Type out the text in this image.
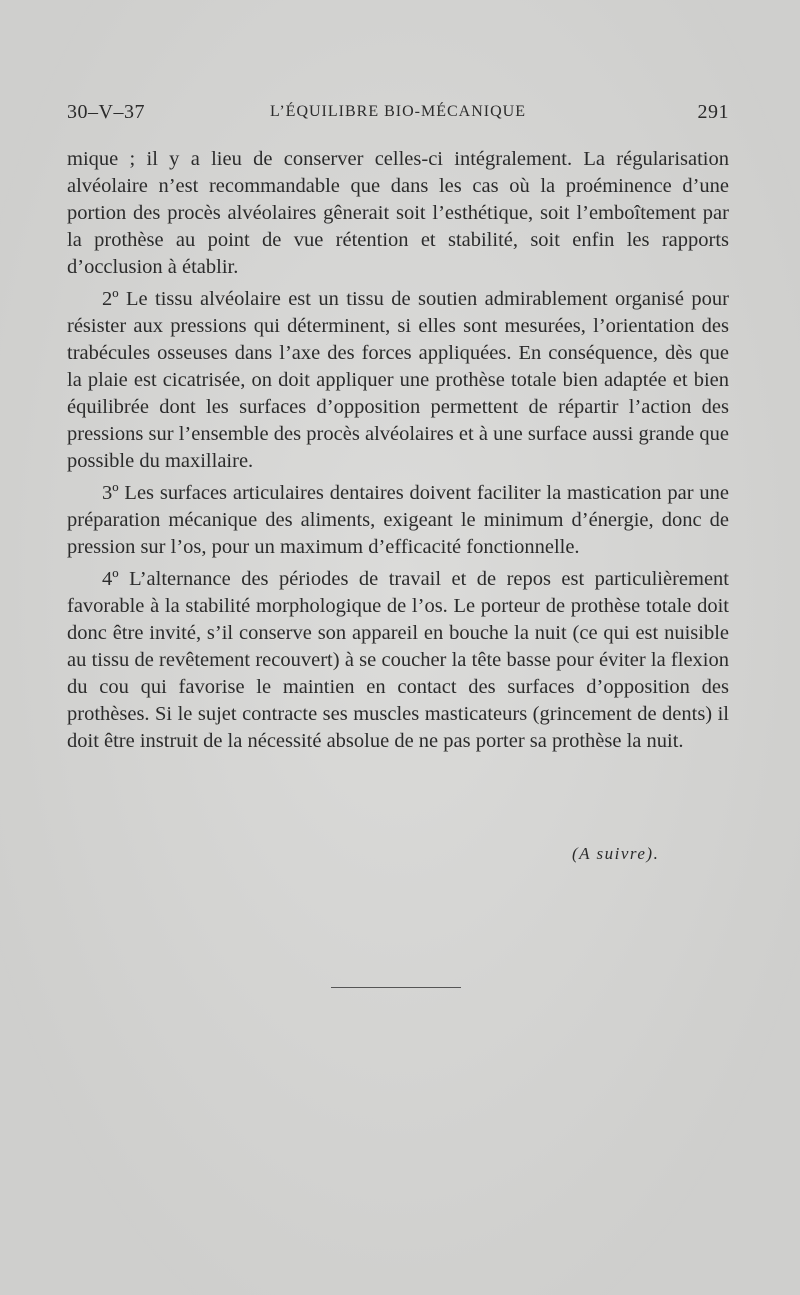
30–V–37	L’ÉQUILIBRE BIO-MÉCANIQUE	291

mique ; il y a lieu de conserver celles-ci intégralement. La régularisation alvéolaire n’est recommandable que dans les cas où la proéminence d’une portion des procès alvéolaires gênerait soit l’esthétique, soit l’emboîtement par la prothèse au point de vue rétention et stabilité, soit enfin les rapports d’occlusion à établir.

2º Le tissu alvéolaire est un tissu de soutien admirablement organisé pour résister aux pressions qui déterminent, si elles sont mesurées, l’orientation des trabécules osseuses dans l’axe des forces appliquées. En conséquence, dès que la plaie est cicatrisée, on doit appliquer une prothèse totale bien adaptée et bien équilibrée dont les surfaces d’opposition permettent de répartir l’action des pressions sur l’ensemble des procès alvéolaires et à une surface aussi grande que possible du maxillaire.

3º Les surfaces articulaires dentaires doivent faciliter la mastication par une préparation mécanique des aliments, exigeant le minimum d’énergie, donc de pression sur l’os, pour un maximum d’efficacité fonctionnelle.

4º L’alternance des périodes de travail et de repos est particulièrement favorable à la stabilité morphologique de l’os. Le porteur de prothèse totale doit donc être invité, s’il conserve son appareil en bouche la nuit (ce qui est nuisible au tissu de revêtement recouvert) à se coucher la tête basse pour éviter la flexion du cou qui favorise le maintien en contact des surfaces d’opposition des prothèses. Si le sujet contracte ses muscles masticateurs (grincement de dents) il doit être instruit de la nécessité absolue de ne pas porter sa prothèse la nuit.

(A suivre).
